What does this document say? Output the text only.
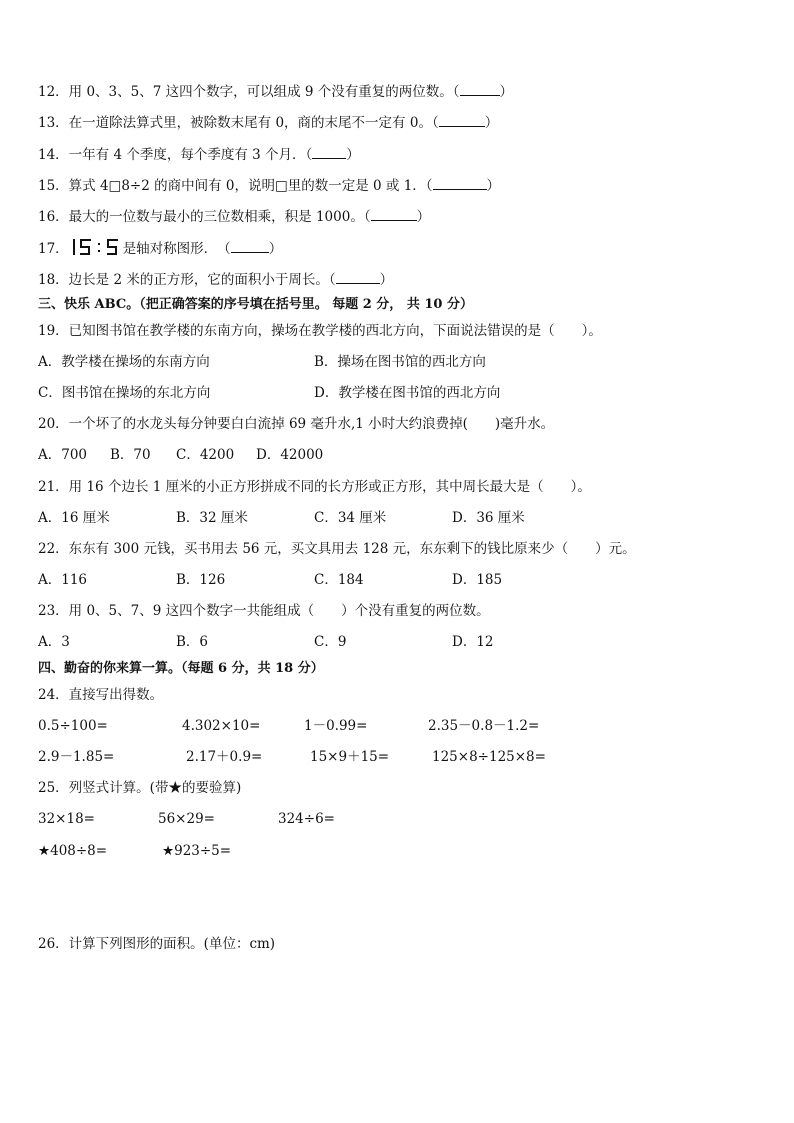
12．用 0、3、5、7 这四个数字，可以组成 9 个没有重复的两位数。（	）
13．在一道除法算式里，被除数末尾有 0，商的末尾不一定有 0。（	）
14．一年有 4 个季度，每个季度有 3 个月．（	）
15．算式 4□8÷2 的商中间有 0，说明□里的数一定是 0 或 1．（	）
16．最大的一位数与最小的三位数相乘，积是 1000。（	）
17．	是轴对称图形．　（	）
18．边长是 2 米的正方形，它的面积小于周长。（	）
三、快乐 ABC。（把正确答案的序号填在括号里。 每题 2 分， 共 10 分）
19．已知图书馆在教学楼的东南方向，操场在教学楼的西北方向，下面说法错误的是（　　）。
A．教学楼在操场的东南方向	B．操场在图书馆的西北方向
C．图书馆在操场的东北方向	D．教学楼在图书馆的西北方向
20．一个坏了的水龙头每分钟要白白流掉 69 毫升水,1 小时大约浪费掉(　　)毫升水。
A．700 B．70 C．4200 D．42000
21．用 16 个边长 1 厘米的小正方形拼成不同的长方形或正方形，其中周长最大是（　　）。
A．16 厘米	B．32 厘米	C．34 厘米	D．36 厘米
22．东东有 300 元钱，买书用去 56 元，买文具用去 128 元，东东剩下的钱比原来少（　　）元。
A．116	B．126	C．184	D．185
23．用 0、5、7、9 这四个数字一共能组成（　　）个没有重复的两位数。
A．3	B．6	C．9	D．12
四、勤奋的你来算一算。（每题 6 分，共 18 分）
24．直接写出得数。
0.5÷100=	4.302×10=	1－0.99=	2.35－0.8－1.2=
2.9－1.85=	2.17＋0.9=	15×9＋15=	125×8÷125×8=
25．列竖式计算。(带★的要验算)
32×18=	56×29=	324÷6=
★408÷8=	★923÷5=
26．计算下列图形的面积。(单位：cm)
